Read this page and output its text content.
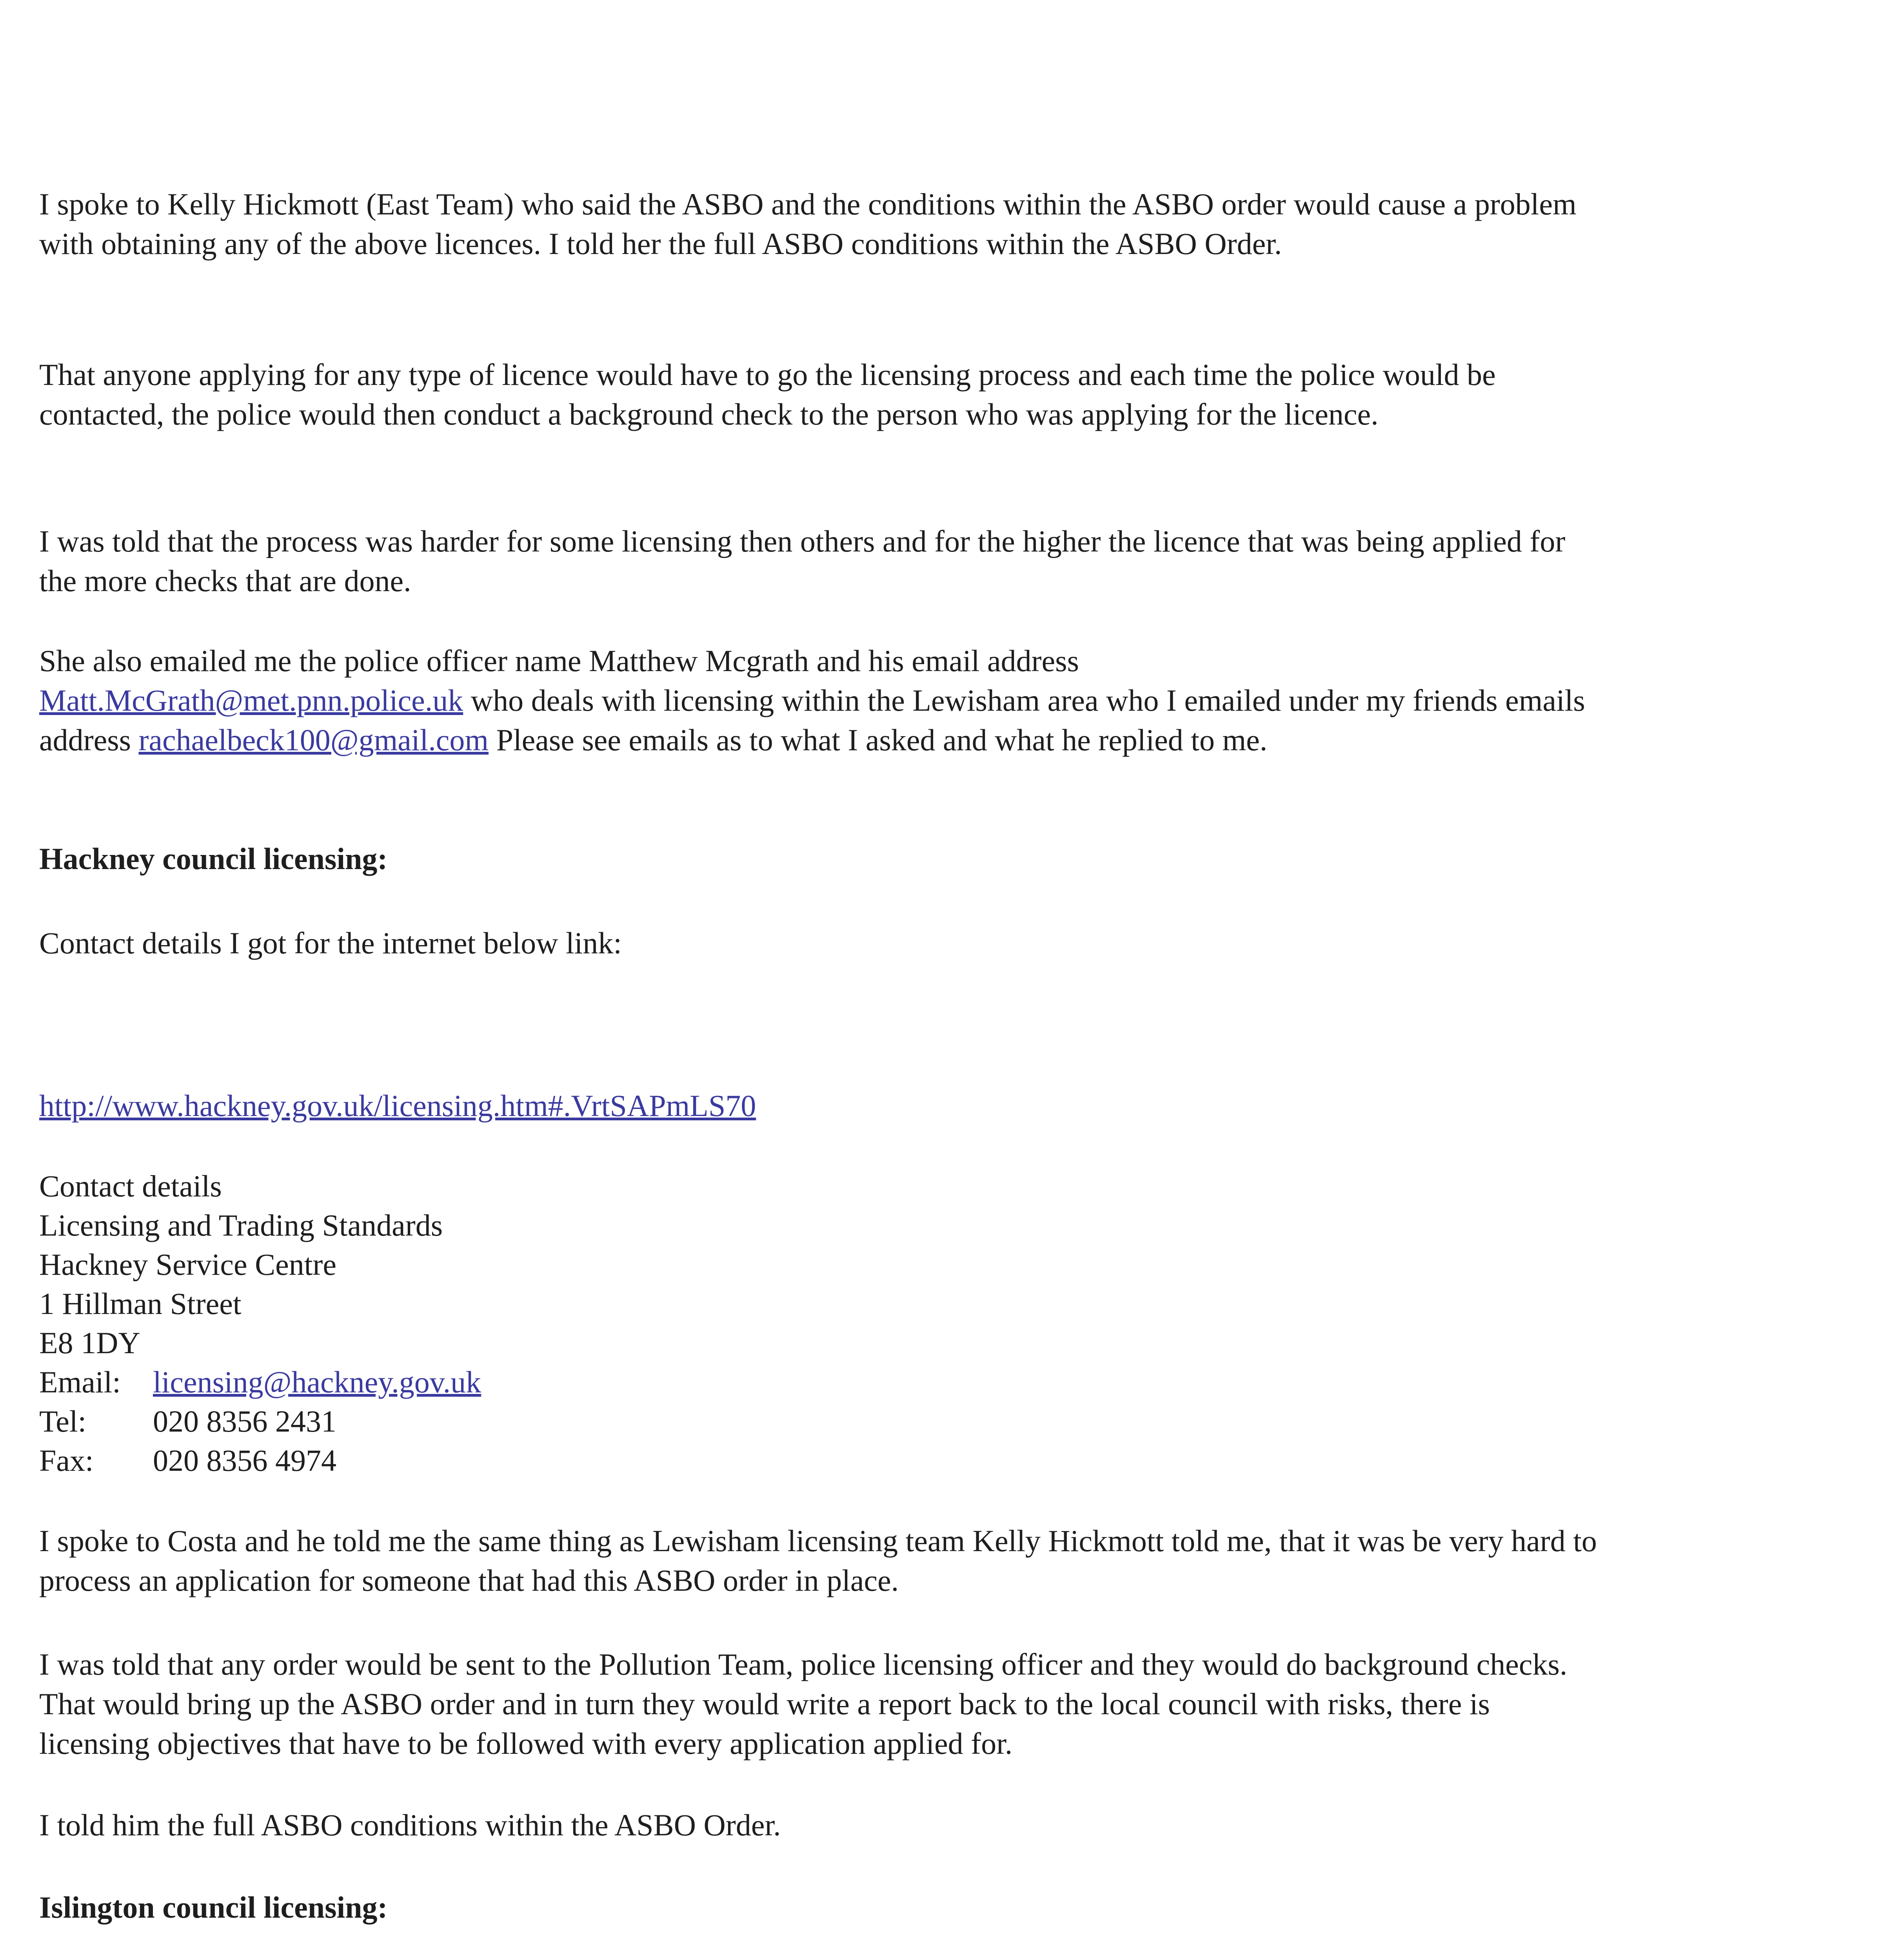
I spoke to Kelly Hickmott (East Team) who said the ASBO and the conditions within the ASBO order would cause a problem with obtaining any of the above licences. I told her the full ASBO conditions within the ASBO Order.

That anyone applying for any type of licence would have to go the licensing process and each time the police would be contacted, the police would then conduct a background check to the person who was applying for the licence.

I was told that the process was harder for some licensing then others and for the higher the licence that was being applied for the more checks that are done.

She also emailed me the police officer name Matthew Mcgrath and his email address
Matt.McGrath@met.pnn.police.uk who deals with licensing within the Lewisham area who I emailed under my friends emails address rachaelbeck100@gmail.com Please see emails as to what I asked and what he replied to me.

Hackney council licensing:

Contact details I got for the internet below link:

http://www.hackney.gov.uk/licensing.htm#.VrtSAPmLS70

Contact details

Licensing and Trading Standards

Hackney Service Centre

1 Hillman Street

E8 1DY

Email: licensing@hackney.gov.uk
Tel: 020 8356 2431
Fax: 020 8356 4974

I spoke to Costa and he told me the same thing as Lewisham licensing team Kelly Hickmott told me, that it was be very hard to process an application for someone that had this ASBO order in place.

I was told that any order would be sent to the Pollution Team, police licensing officer and they would do background checks. That would bring up the ASBO order and in turn they would write a report back to the local council with risks, there is licensing objectives that have to be followed with every application applied for.

I told him the full ASBO conditions within the ASBO Order.

Islington council licensing:
